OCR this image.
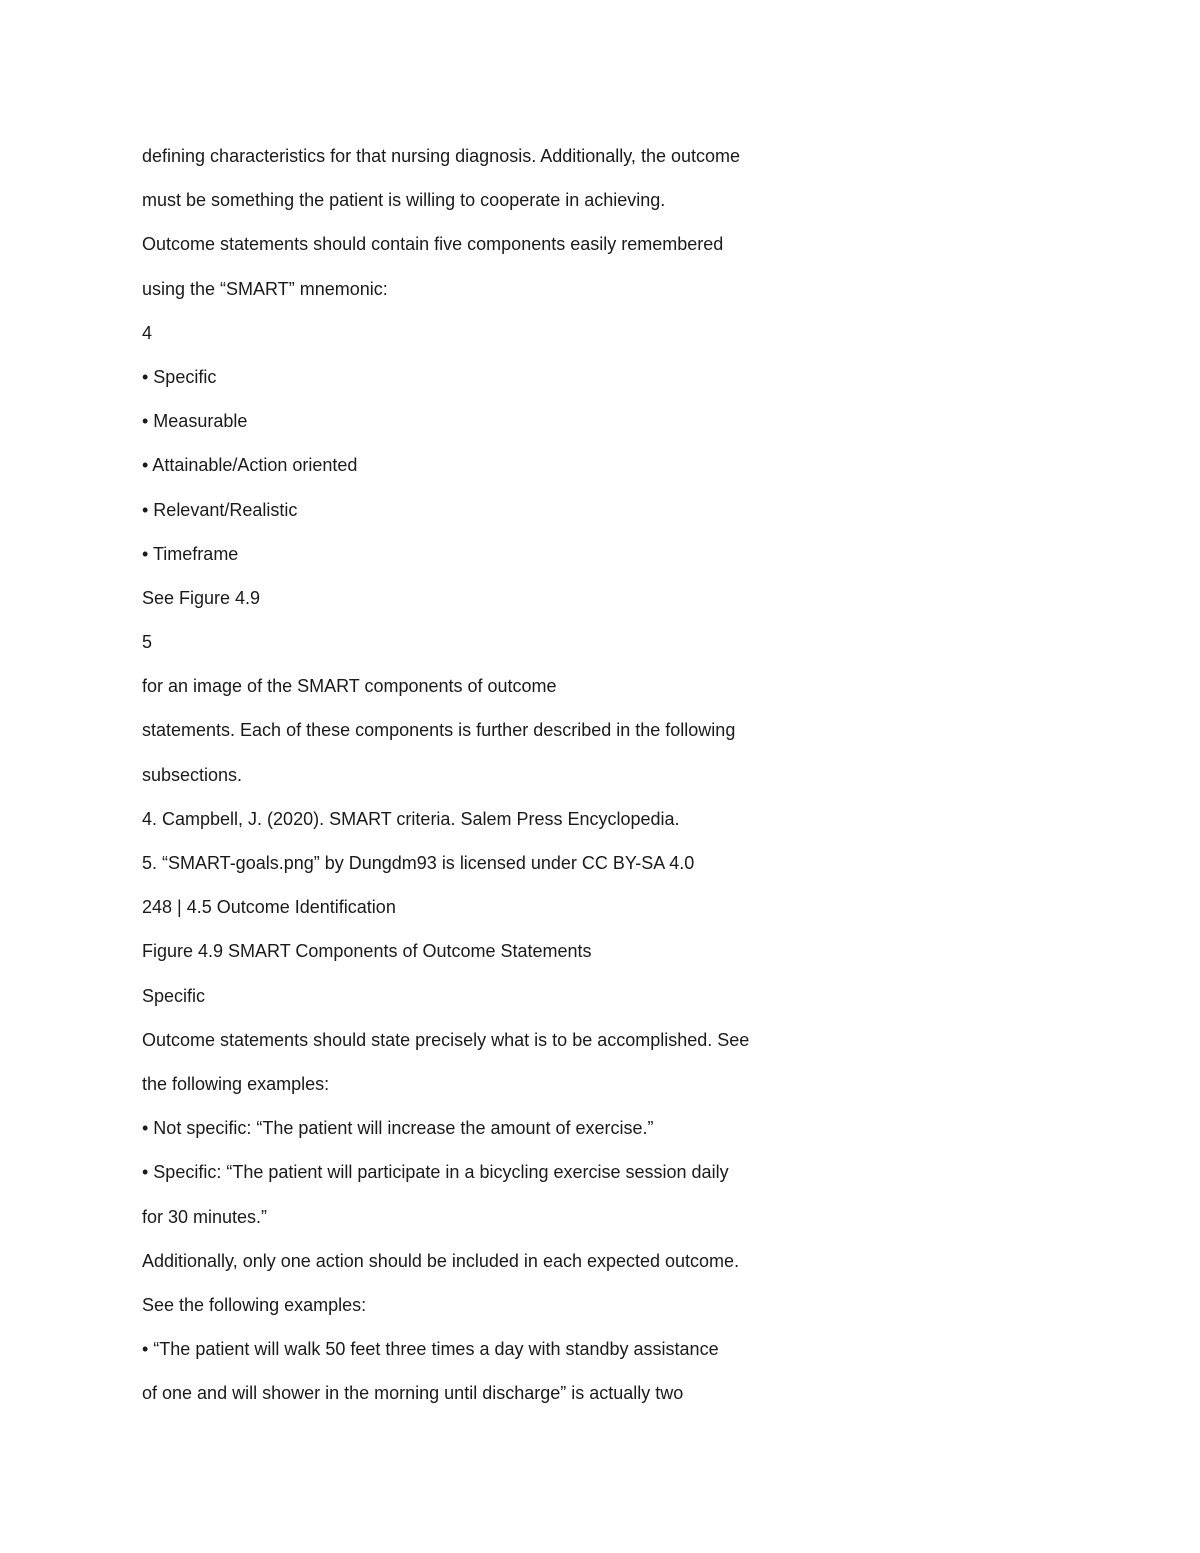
defining characteristics for that nursing diagnosis. Additionally, the outcome
must be something the patient is willing to cooperate in achieving.
Outcome statements should contain five components easily remembered
using the “SMART” mnemonic:
4
• Specific
• Measurable
• Attainable/Action oriented
• Relevant/Realistic
• Timeframe
See Figure 4.9
5
for an image of the SMART components of outcome
statements. Each of these components is further described in the following
subsections.
4. Campbell, J. (2020). SMART criteria. Salem Press Encyclopedia.
5. “SMART-goals.png” by Dungdm93 is licensed under CC BY-SA 4.0
248 | 4.5 Outcome Identification
Figure 4.9 SMART Components of Outcome Statements
Specific
Outcome statements should state precisely what is to be accomplished. See
the following examples:
• Not specific: “The patient will increase the amount of exercise.”
• Specific: “The patient will participate in a bicycling exercise session daily
for 30 minutes.”
Additionally, only one action should be included in each expected outcome.
See the following examples:
• “The patient will walk 50 feet three times a day with standby assistance
of one and will shower in the morning until discharge” is actually two
